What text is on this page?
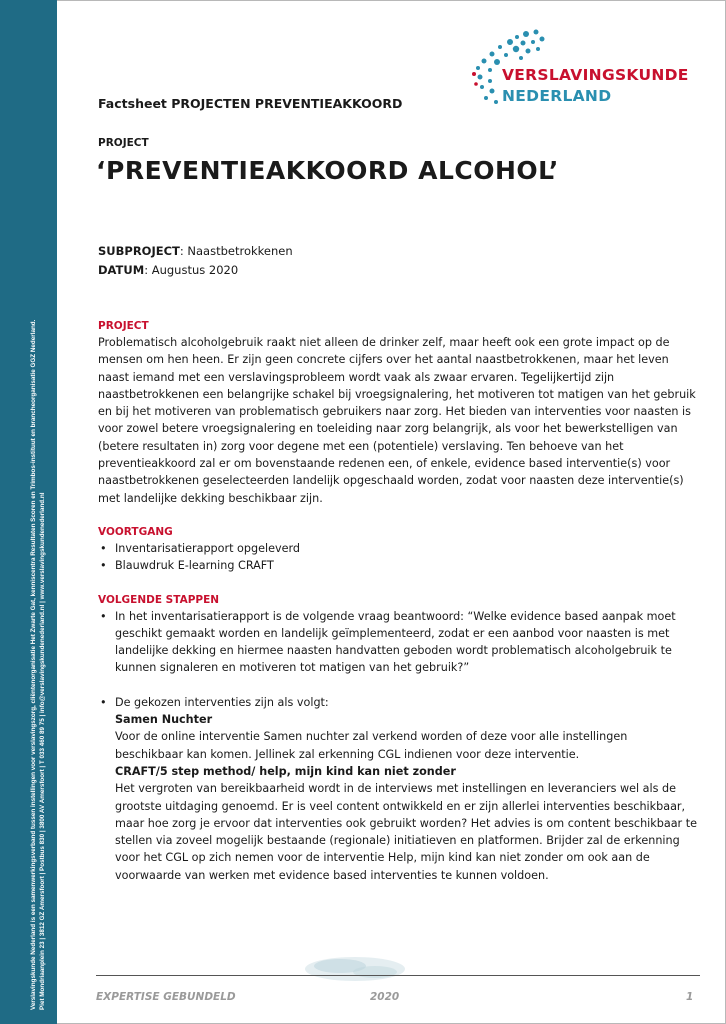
Verslavingskunde Nederland is een samenwerkingsverband tussen instellingen voor verslavingszorg, cliëntenorganisatie Het Zwarte Gat, kenniscentra Resultaten Scoren en Trimbos-instituut en brancheorganisatie GGZ Nederland. Piet Mondriaanplein 23 | 3812 GZ Amersfoort | Postbus 830 | 3800 AV Amersfoort | T 033 460 89 75 | info@verslavingskundenederland.nl | www.verslavingskundenederland.nl
VERSLAVINGSKUNDE
NEDERLAND
Factsheet PROJECTEN PREVENTIEAKKOORD
PROJECT
‘PREVENTIEAKKOORD ALCOHOL’
SUBPROJECT: Naastbetrokkenen
DATUM: Augustus 2020

PROJECT

Problematisch alcoholgebruik raakt niet alleen de drinker zelf, maar heeft ook een grote impact op de mensen om hen heen. Er zijn geen concrete cijfers over het aantal naastbetrokkenen, maar het leven naast iemand met een verslavingsprobleem wordt vaak als zwaar ervaren. Tegelijkertijd zijn naastbetrokkenen een belangrijke schakel bij vroegsignalering, het motiveren tot matigen van het gebruik en bij het motiveren van problematisch gebruikers naar zorg. Het bieden van interventies voor naasten is voor zowel betere vroegsignalering en toeleiding naar zorg belangrijk, als voor het bewerkstelligen van (betere resultaten in) zorg voor degene met een (potentiele) verslaving. Ten behoeve van het preventieakkoord zal er om bovenstaande redenen een, of enkele, evidence based interventie(s) voor naastbetrokkenen geselecteerden landelijk opgeschaald worden, zodat voor naasten deze interventie(s) met landelijke dekking beschikbaar zijn.

VOORTGANG

• Inventarisatierapport opgeleverd
• Blauwdruk E-learning CRAFT

VOLGENDE STAPPEN

• In het inventarisatierapport is de volgende vraag beantwoord: “Welke evidence based aanpak moet geschikt gemaakt worden en landelijk geïmplementeerd, zodat er een aanbod voor naasten is met landelijke dekking en hiermee naasten handvatten geboden wordt problematisch alcoholgebruik te kunnen signaleren en motiveren tot matigen van het gebruik?”
• De gekozen interventies zijn als volgt:
Samen Nuchter
Voor de online interventie Samen nuchter zal verkend worden of deze voor alle instellingen beschikbaar kan komen. Jellinek zal erkenning CGL indienen voor deze interventie.
CRAFT/5 step method/ help, mijn kind kan niet zonder
Het vergroten van bereikbaarheid wordt in de interviews met instellingen en leveranciers wel als de grootste uitdaging genoemd. Er is veel content ontwikkeld en er zijn allerlei interventies beschikbaar, maar hoe zorg je ervoor dat interventies ook gebruikt worden? Het advies is om content beschikbaar te stellen via zoveel mogelijk bestaande (regionale) initiatieven en platformen. Brijder zal de erkenning voor het CGL op zich nemen voor de interventie Help, mijn kind kan niet zonder om ook aan de voorwaarde van werken met evidence based interventies te kunnen voldoen.
EXPERTISE GEBUNDELD	2020	1
